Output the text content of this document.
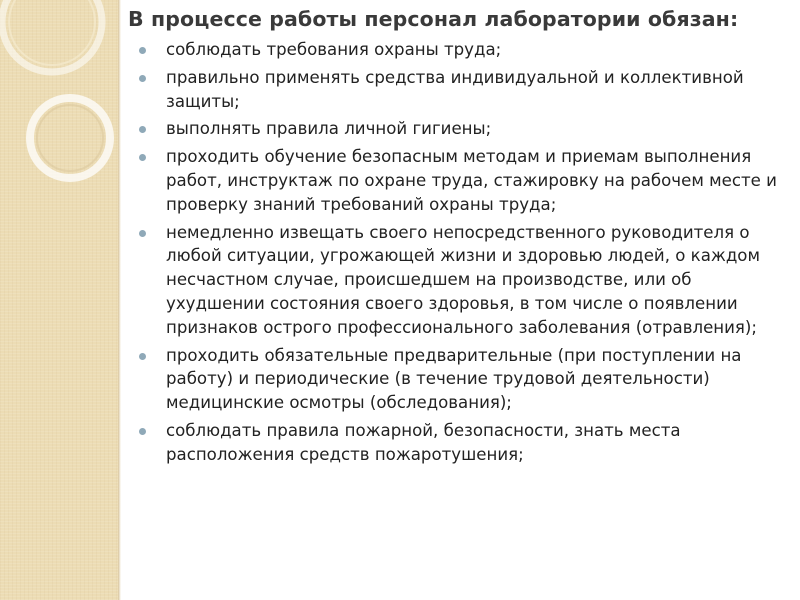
В процессе работы персонал лаборатории обязан:
соблюдать требования охраны труда;
правильно применять средства индивидуальной и коллективной защиты;
выполнять правила личной гигиены;
проходить обучение безопасным методам и приемам выполнения работ, инструктаж по охране труда, стажировку на рабочем месте и проверку знаний требований охраны труда;
немедленно извещать своего непосредственного руководителя о любой ситуации, угрожающей жизни и здоровью людей, о каждом несчастном случае, происшедшем на производстве, или об ухудшении состояния своего здоровья, в том числе о появлении признаков острого профессионального заболевания (отравления);
проходить обязательные предварительные (при поступлении на работу) и периодические (в течение трудовой деятельности) медицинские осмотры (обследования);
соблюдать правила пожарной, безопасности, знать места расположения средств пожаротушения;
